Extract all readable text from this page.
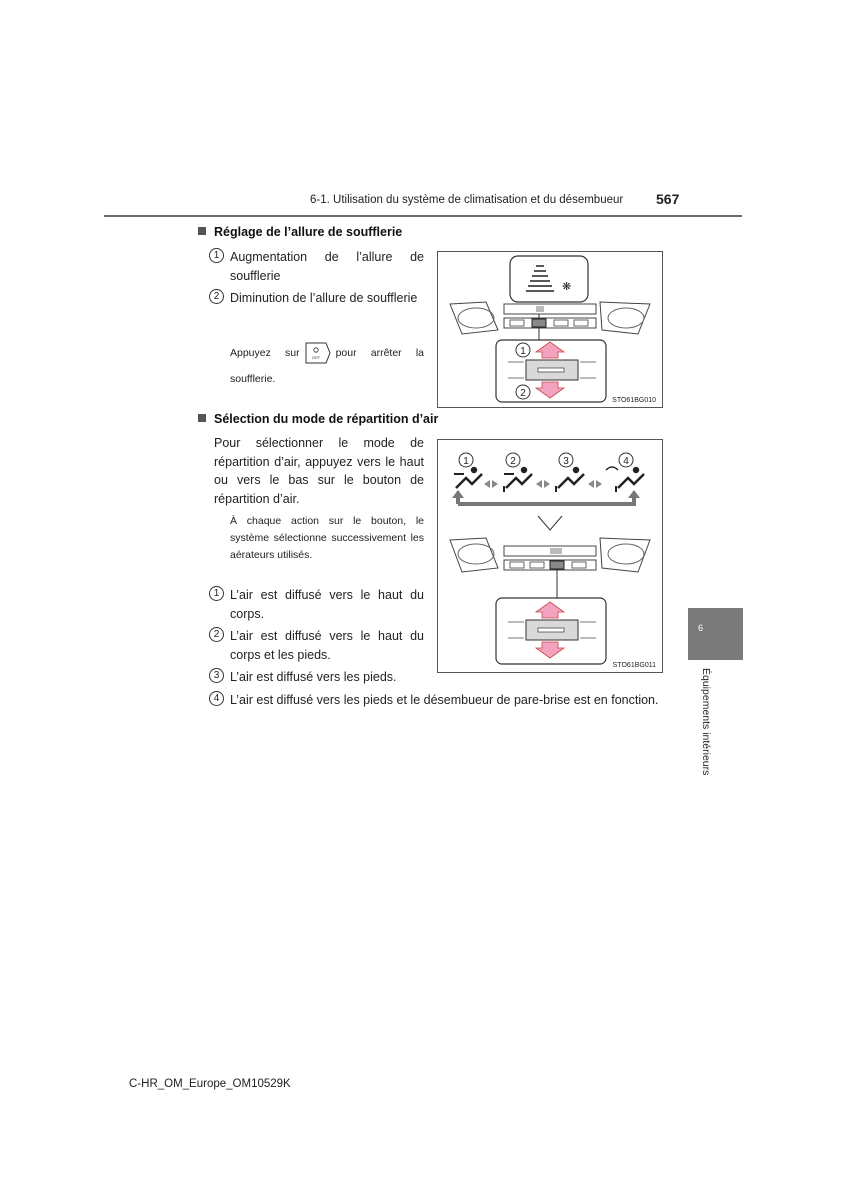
6-1. Utilisation du système de climatisation et du désembueur 567
Réglage de l’allure de soufflerie
1 Augmentation de l’allure de soufflerie
2 Diminution de l’allure de soufflerie
Appuyez sur	OFF pour arrêter la soufflerie.
❋
1
2
STO61BG010
Sélection du mode de répartition d’air
Pour sélectionner le mode de répartition d’air, appuyez vers le haut ou vers le bas sur le bouton de répartition d’air.
À chaque action sur le bouton, le système sélectionne successivement les aérateurs utilisés.
1 L’air est diffusé vers le haut du corps.
2 L’air est diffusé vers le haut du corps et les pieds.
3 L’air est diffusé vers les pieds.
4 L’air est diffusé vers les pieds et le désembueur de pare-brise est en fonction.
1	2	3	4
STO61BG011
6
Équipements intérieurs
C-HR_OM_Europe_OM10529K
